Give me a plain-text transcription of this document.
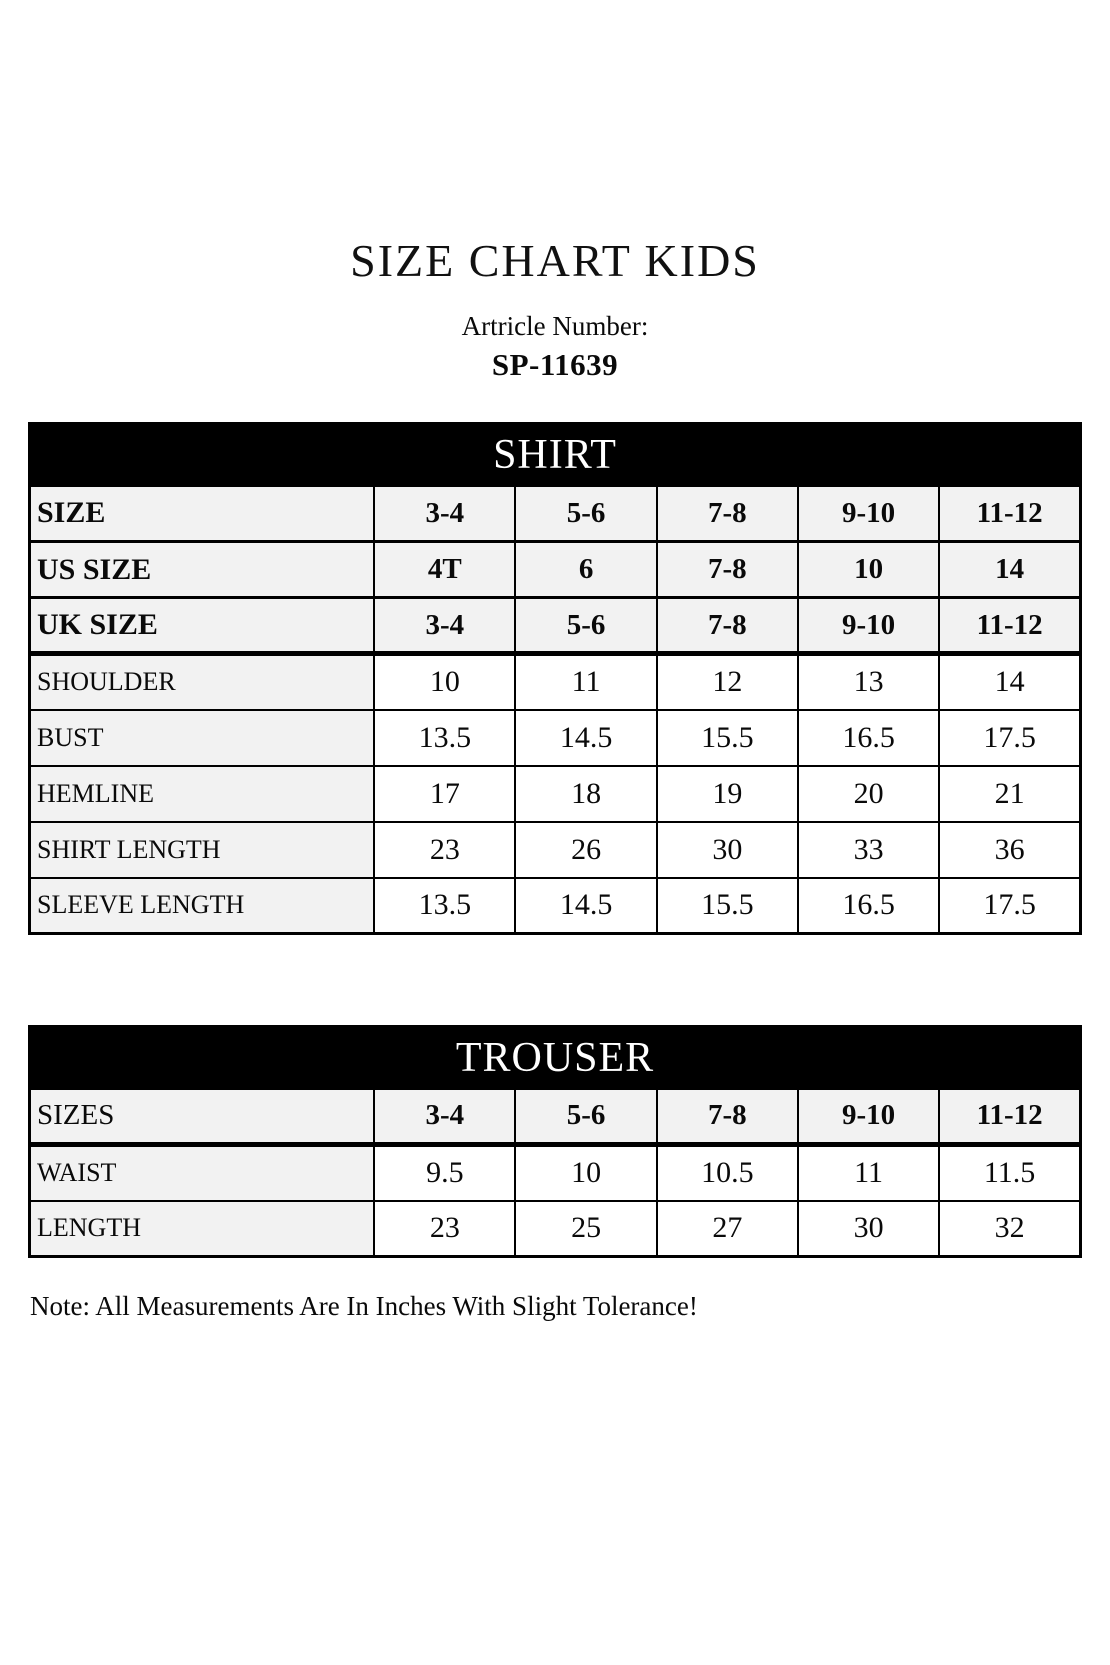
SIZE CHART KIDS
Artricle Number:
SP-11639
SHIRT					
SIZE	3-4	5-6	7-8	9-10	11-12
US SIZE	4T	6	7-8	10	14
UK SIZE	3-4	5-6	7-8	9-10	11-12
SHOULDER	10	11	12	13	14
BUST	13.5	14.5	15.5	16.5	17.5
HEMLINE	17	18	19	20	21
SHIRT LENGTH	23	26	30	33	36
SLEEVE LENGTH	13.5	14.5	15.5	16.5	17.5
TROUSER					
SIZES	3-4	5-6	7-8	9-10	11-12
WAIST	9.5	10	10.5	11	11.5
LENGTH	23	25	27	30	32
Note: All Measurements Are In Inches With Slight Tolerance!
